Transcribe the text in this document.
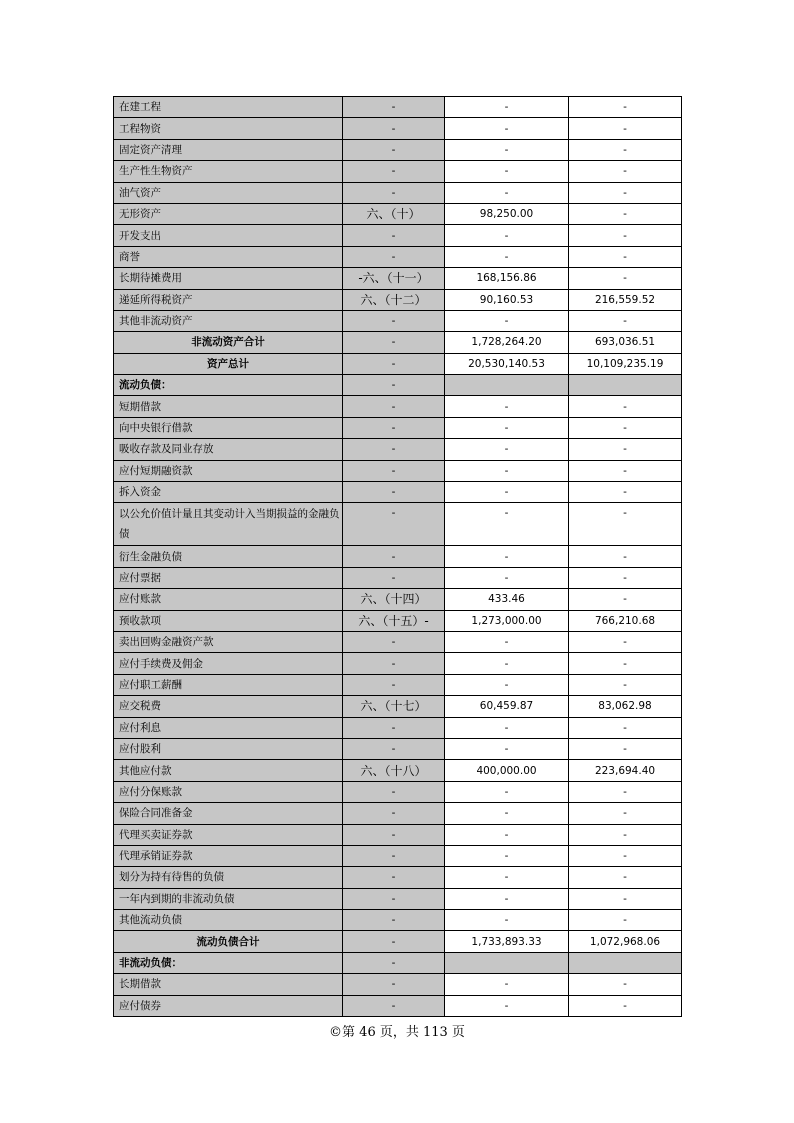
在建工程	-	-	-
工程物资	-	-	-
固定资产清理	-	-	-
生产性生物资产	-	-	-
油气资产	-	-	-
无形资产	六、（十）	98,250.00	-
开发支出	-	-	-
商誉	-	-	-
长期待摊费用	-六、（十一）	168,156.86	-
递延所得税资产	六、（十二）	90,160.53	216,559.52
其他非流动资产	-	-	-
非流动资产合计	-	1,728,264.20	693,036.51
资产总计	-	20,530,140.53	10,109,235.19
流动负债：	-		
短期借款	-	-	-
向中央银行借款	-	-	-
吸收存款及同业存放	-	-	-
应付短期融资款	-	-	-
拆入资金	-	-	-
以公允价值计量且其变动计入当期损益的金融负债	-	-	-
衍生金融负债	-	-	-
应付票据	-	-	-
应付账款	六、（十四）	433.46	-
预收款项	六、（十五）-	1,273,000.00	766,210.68
卖出回购金融资产款	-	-	-
应付手续费及佣金	-	-	-
应付职工薪酬	-	-	-
应交税费	六、（十七）	60,459.87	83,062.98
应付利息	-	-	-
应付股利	-	-	-
其他应付款	六、（十八）	400,000.00	223,694.40
应付分保账款	-	-	-
保险合同准备金	-	-	-
代理买卖证券款	-	-	-
代理承销证券款	-	-	-
划分为持有待售的负债	-	-	-
一年内到期的非流动负债	-	-	-
其他流动负债	-	-	-
流动负债合计	-	1,733,893.33	1,072,968.06
非流动负债：	-		
长期借款	-	-	-
应付债券	-	-	-
©第 46 页，共 113 页
